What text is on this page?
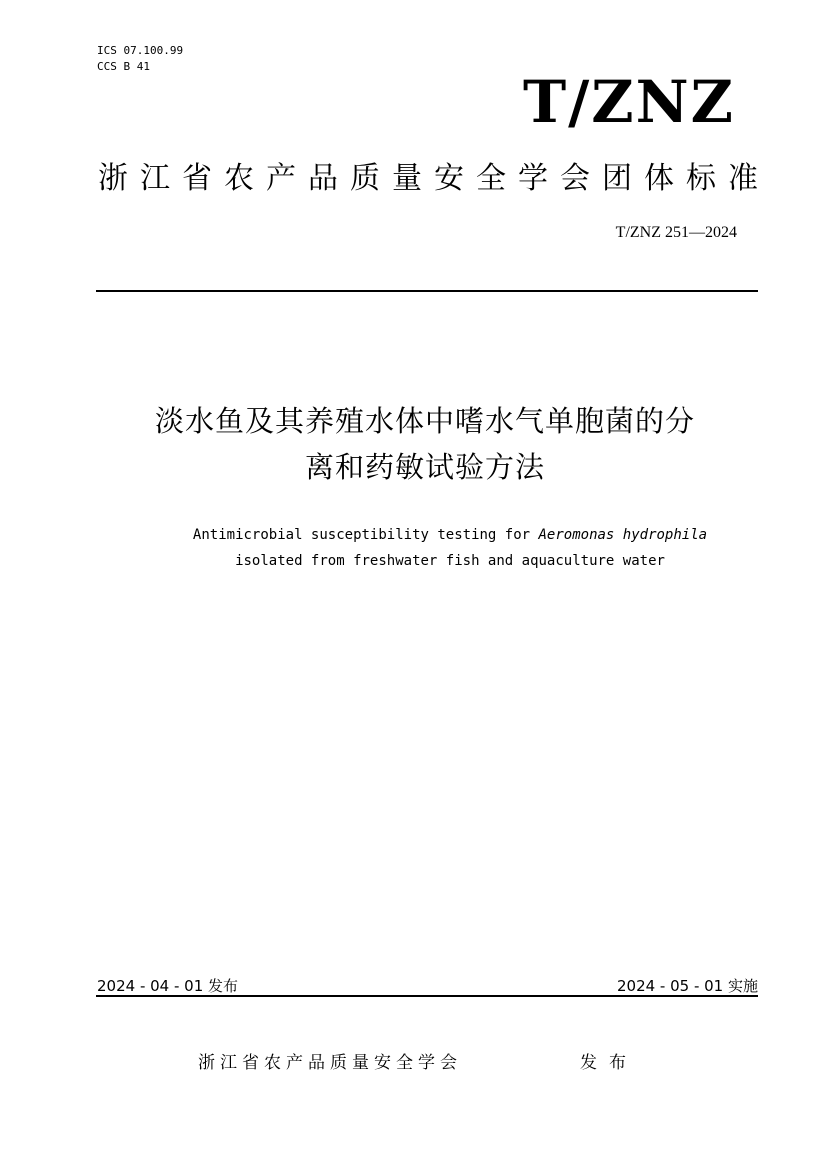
ICS 07.100.99
CCS B 41
T/ZNZ
浙江省农产品质量安全学会团体标准
T/ZNZ 251—2024
淡水鱼及其养殖水体中嗜水气单胞菌的分
离和药敏试验方法
Antimicrobial susceptibility testing for Aeromonas hydrophila
isolated from freshwater fish and aquaculture water
2024 - 04 - 01 发布	2024 - 05 - 01 实施
浙江省农产品质量安全学会	发布
